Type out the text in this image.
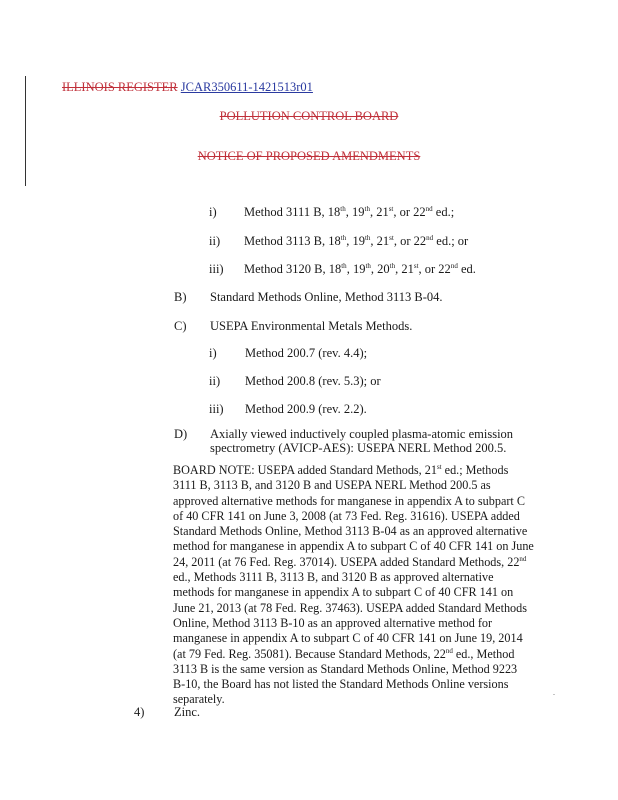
ILLINOIS REGISTER JCAR350611-1421513r01
POLLUTION CONTROL BOARD
NOTICE OF PROPOSED AMENDMENTS
i) Method 3111 B, 18th, 19th, 21st, or 22nd ed.;
ii) Method 3113 B, 18th, 19th, 21st, or 22nd ed.; or
iii) Method 3120 B, 18th, 19th, 20th, 21st, or 22nd ed.
B) Standard Methods Online, Method 3113 B-04.
C) USEPA Environmental Metals Methods.
i) Method 200.7 (rev. 4.4);
ii) Method 200.8 (rev. 5.3); or
iii) Method 200.9 (rev. 2.2).
D) Axially viewed inductively coupled plasma-atomic emission
spectrometry (AVICP-AES): USEPA NERL Method 200.5.

BOARD NOTE: USEPA added Standard Methods, 21st ed.; Methods

3111 B, 3113 B, and 3120 B and USEPA NERL Method 200.5 as

approved alternative methods for manganese in appendix A to subpart C

of 40 CFR 141 on June 3, 2008 (at 73 Fed. Reg. 31616). USEPA added

Standard Methods Online, Method 3113 B-04 as an approved alternative

method for manganese in appendix A to subpart C of 40 CFR 141 on June

24, 2011 (at 76 Fed. Reg. 37014). USEPA added Standard Methods, 22nd

ed., Methods 3111 B, 3113 B, and 3120 B as approved alternative

methods for manganese in appendix A to subpart C of 40 CFR 141 on

June 21, 2013 (at 78 Fed. Reg. 37463). USEPA added Standard Methods

Online, Method 3113 B-10 as an approved alternative method for

manganese in appendix A to subpart C of 40 CFR 141 on June 19, 2014

(at 79 Fed. Reg. 35081). Because Standard Methods, 22nd ed., Method

3113 B is the same version as Standard Methods Online, Method 9223

B-10, the Board has not listed the Standard Methods Online versions

separately.	.
4) Zinc.
